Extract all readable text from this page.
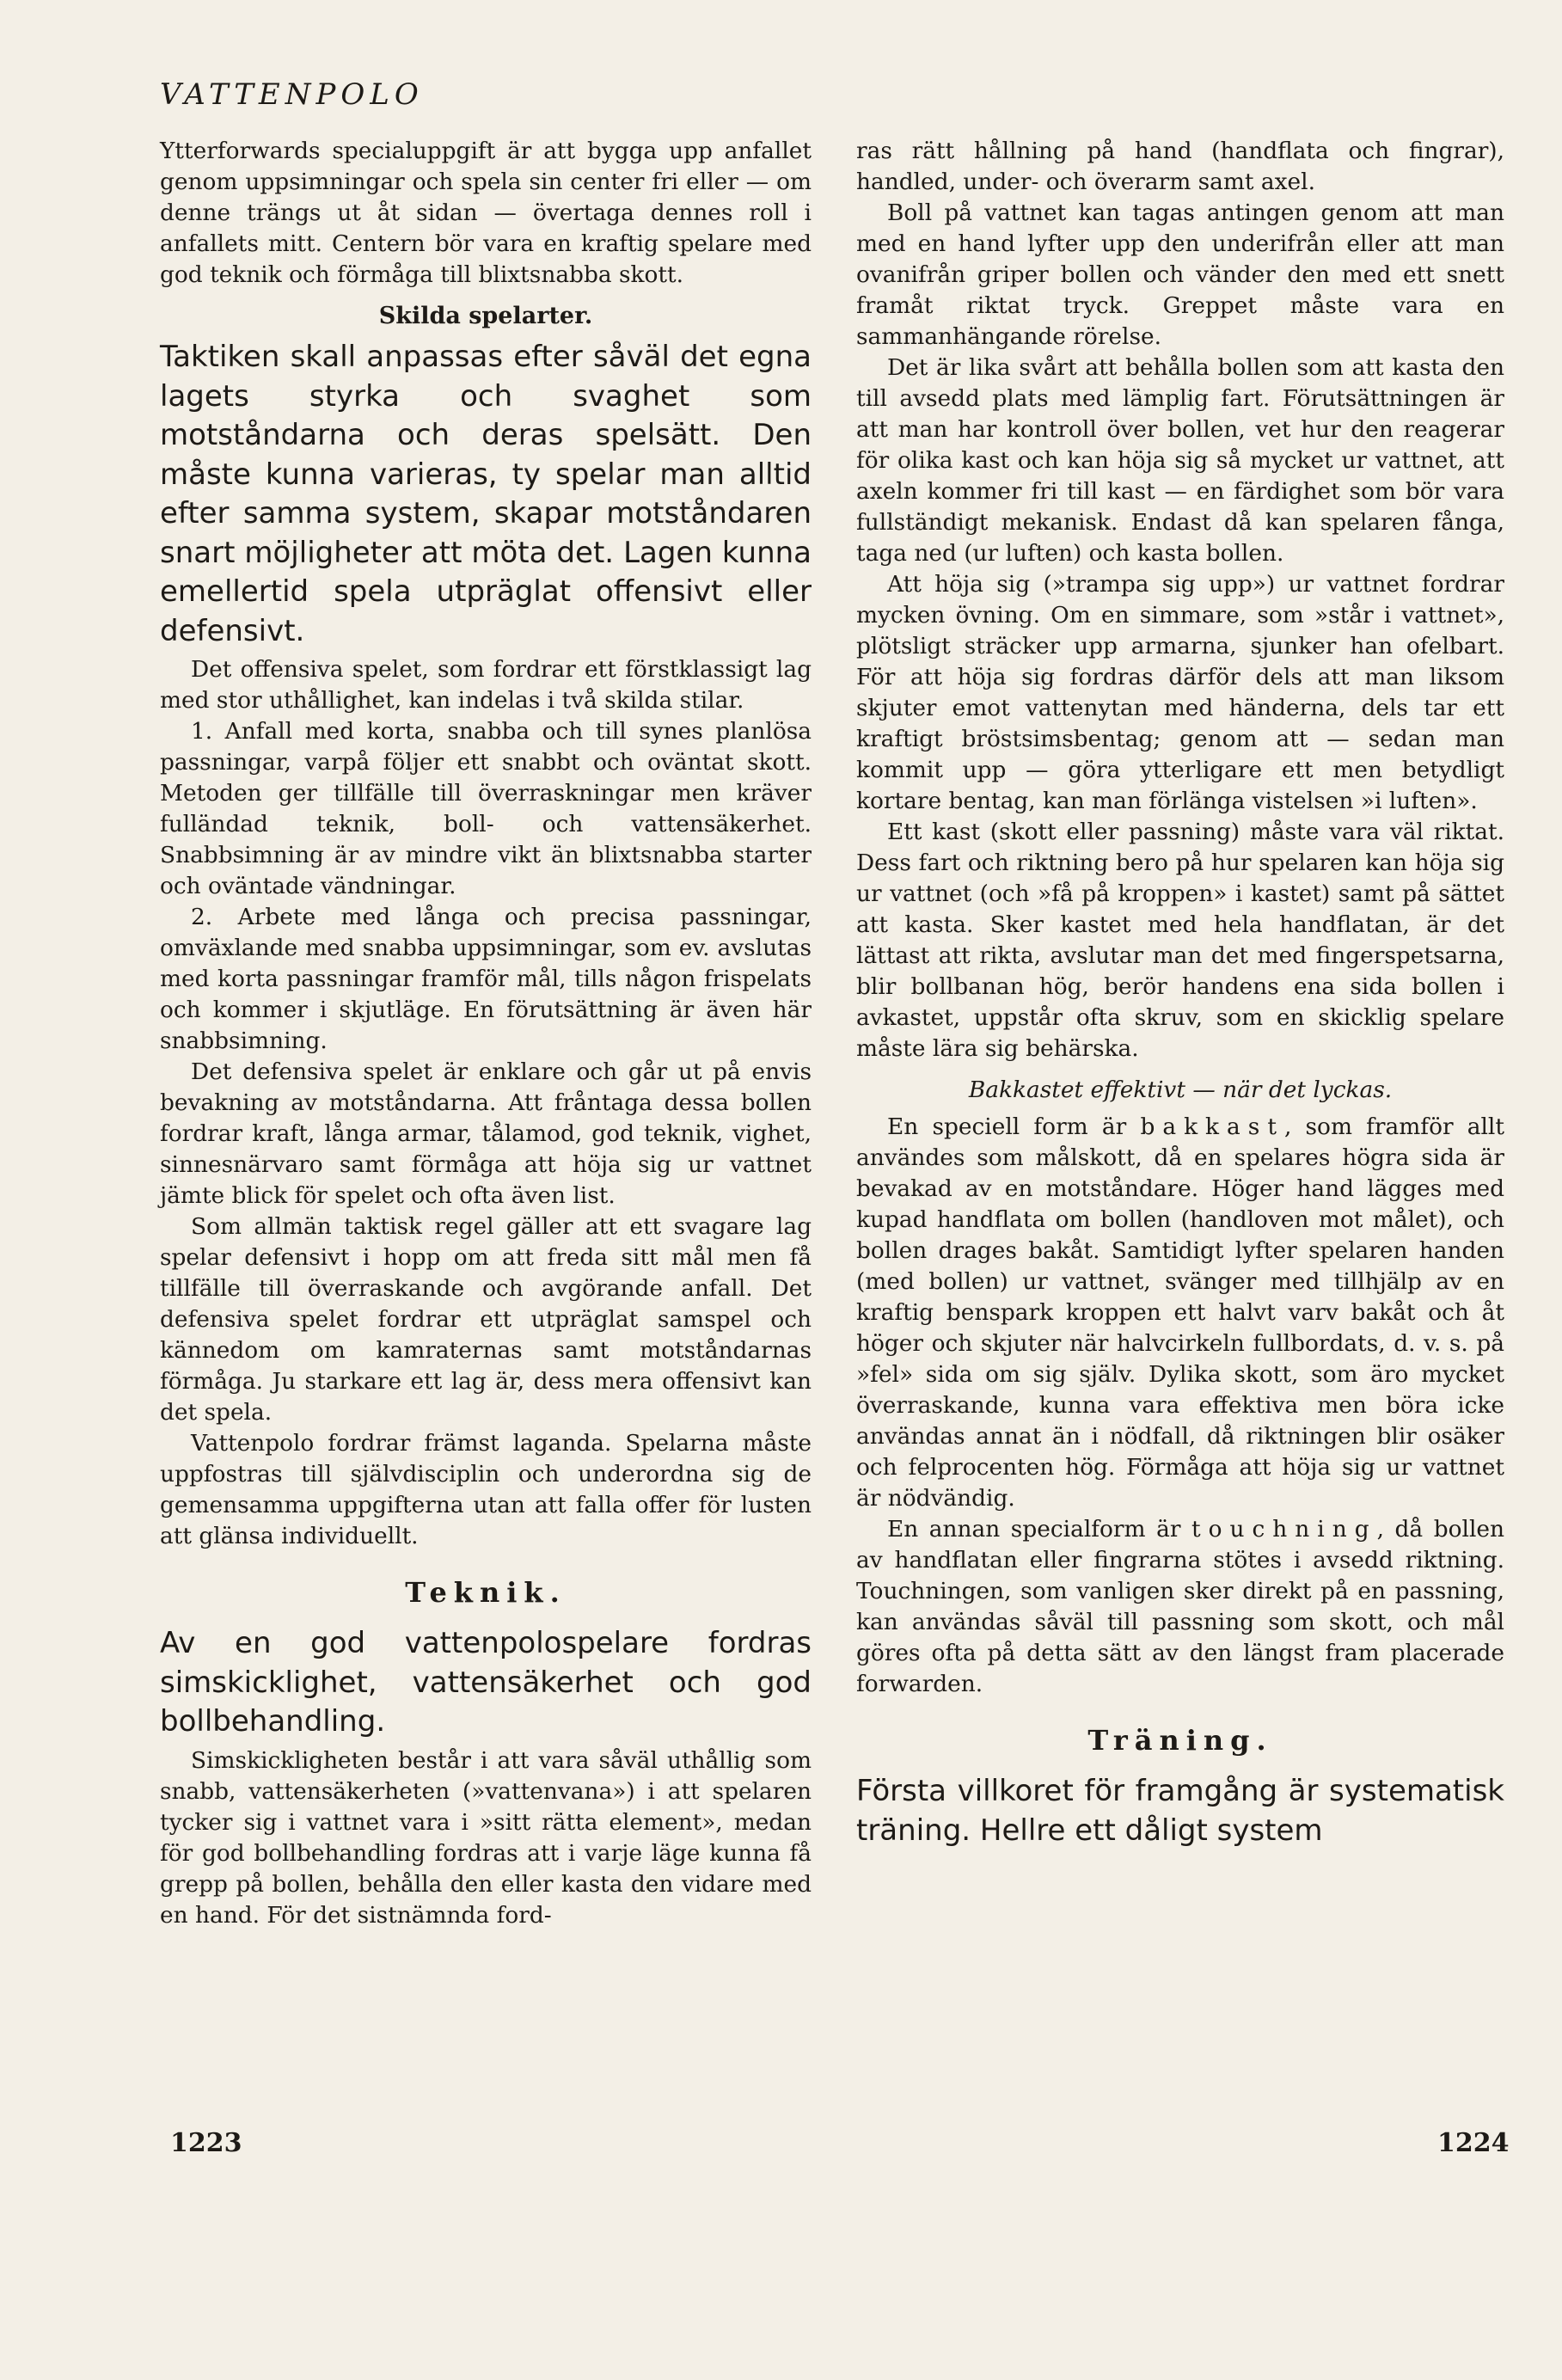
VATTENPOLO

Ytterforwards specialuppgift är att bygga upp anfallet genom uppsimningar och spela sin center fri eller — om denne trängs ut åt sidan — övertaga dennes roll i anfallets mitt. Centern bör vara en kraftig spelare med god teknik och förmåga till blixtsnabba skott.

Skilda spelarter.

Taktiken skall anpassas efter såväl det egna lagets styrka och svaghet som motståndarna och deras spelsätt. Den måste kunna varieras, ty spelar man alltid efter samma system, skapar motståndaren snart möjligheter att möta det. Lagen kunna emellertid spela utpräglat offensivt eller defensivt.

Det offensiva spelet, som fordrar ett förstklassigt lag med stor uthållighet, kan indelas i två skilda stilar.

1. Anfall med korta, snabba och till synes planlösa passningar, varpå följer ett snabbt och oväntat skott. Metoden ger tillfälle till överraskningar men kräver fulländad teknik, boll- och vattensäkerhet. Snabbsimning är av mindre vikt än blixtsnabba starter och oväntade vändningar.

2. Arbete med långa och precisa passningar, omväxlande med snabba uppsimningar, som ev. avslutas med korta passningar framför mål, tills någon frispelats och kommer i skjutläge. En förutsättning är även här snabbsimning.

Det defensiva spelet är enklare och går ut på envis bevakning av motståndarna. Att fråntaga dessa bollen fordrar kraft, långa armar, tålamod, god teknik, vighet, sinnesnärvaro samt förmåga att höja sig ur vattnet jämte blick för spelet och ofta även list.

Som allmän taktisk regel gäller att ett svagare lag spelar defensivt i hopp om att freda sitt mål men få tillfälle till överraskande och avgörande anfall. Det defensiva spelet fordrar ett utpräglat samspel och kännedom om kamraternas samt motståndarnas förmåga. Ju starkare ett lag är, dess mera offensivt kan det spela.

Vattenpolo fordrar främst laganda. Spelarna måste uppfostras till självdisciplin och underordna sig de gemensamma uppgifterna utan att falla offer för lusten att glänsa individuellt.

Teknik.

Av en god vattenpolospelare fordras simskicklighet, vattensäkerhet och god bollbehandling.

Simskickligheten består i att vara såväl uthållig som snabb, vattensäkerheten (»vattenvana») i att spelaren tycker sig i vattnet vara i »sitt rätta element», medan för god bollbehandling fordras att i varje läge kunna få grepp på bollen, behålla den eller kasta den vidare med en hand. För det sistnämnda ford-

ras rätt hållning på hand (handflata och fingrar), handled, under- och överarm samt axel.

Boll på vattnet kan tagas antingen genom att man med en hand lyfter upp den underifrån eller att man ovanifrån griper bollen och vänder den med ett snett framåt riktat tryck. Greppet måste vara en sammanhängande rörelse.

Det är lika svårt att behålla bollen som att kasta den till avsedd plats med lämplig fart. Förutsättningen är att man har kontroll över bollen, vet hur den reagerar för olika kast och kan höja sig så mycket ur vattnet, att axeln kommer fri till kast — en färdighet som bör vara fullständigt mekanisk. Endast då kan spelaren fånga, taga ned (ur luften) och kasta bollen.

Att höja sig (»trampa sig upp») ur vattnet fordrar mycken övning. Om en simmare, som »står i vattnet», plötsligt sträcker upp armarna, sjunker han ofelbart. För att höja sig fordras därför dels att man liksom skjuter emot vattenytan med händerna, dels tar ett kraftigt bröstsimsbentag; genom att — sedan man kommit upp — göra ytterligare ett men betydligt kortare bentag, kan man förlänga vistelsen »i luften».

Ett kast (skott eller passning) måste vara väl riktat. Dess fart och riktning bero på hur spelaren kan höja sig ur vattnet (och »få på kroppen» i kastet) samt på sättet att kasta. Sker kastet med hela handflatan, är det lättast att rikta, avslutar man det med fingerspetsarna, blir bollbanan hög, berör handens ena sida bollen i avkastet, uppstår ofta skruv, som en skicklig spelare måste lära sig behärska.

Bakkastet effektivt — när det lyckas.

En speciell form är bakkast, som framför allt användes som målskott, då en spelares högra sida är bevakad av en motståndare. Höger hand lägges med kupad handflata om bollen (handloven mot målet), och bollen drages bakåt. Samtidigt lyfter spelaren handen (med bollen) ur vattnet, svänger med tillhjälp av en kraftig benspark kroppen ett halvt varv bakåt och åt höger och skjuter när halvcirkeln fullbordats, d. v. s. på »fel» sida om sig själv. Dylika skott, som äro mycket överraskande, kunna vara effektiva men böra icke användas annat än i nödfall, då riktningen blir osäker och felprocenten hög. Förmåga att höja sig ur vattnet är nödvändig.

En annan specialform är touchning, då bollen av handflatan eller fingrarna stötes i avsedd riktning. Touchningen, som vanligen sker direkt på en passning, kan användas såväl till passning som skott, och mål göres ofta på detta sätt av den längst fram placerade forwarden.

Träning.

Första villkoret för framgång är systematisk träning. Hellre ett dåligt system

1223	1224
